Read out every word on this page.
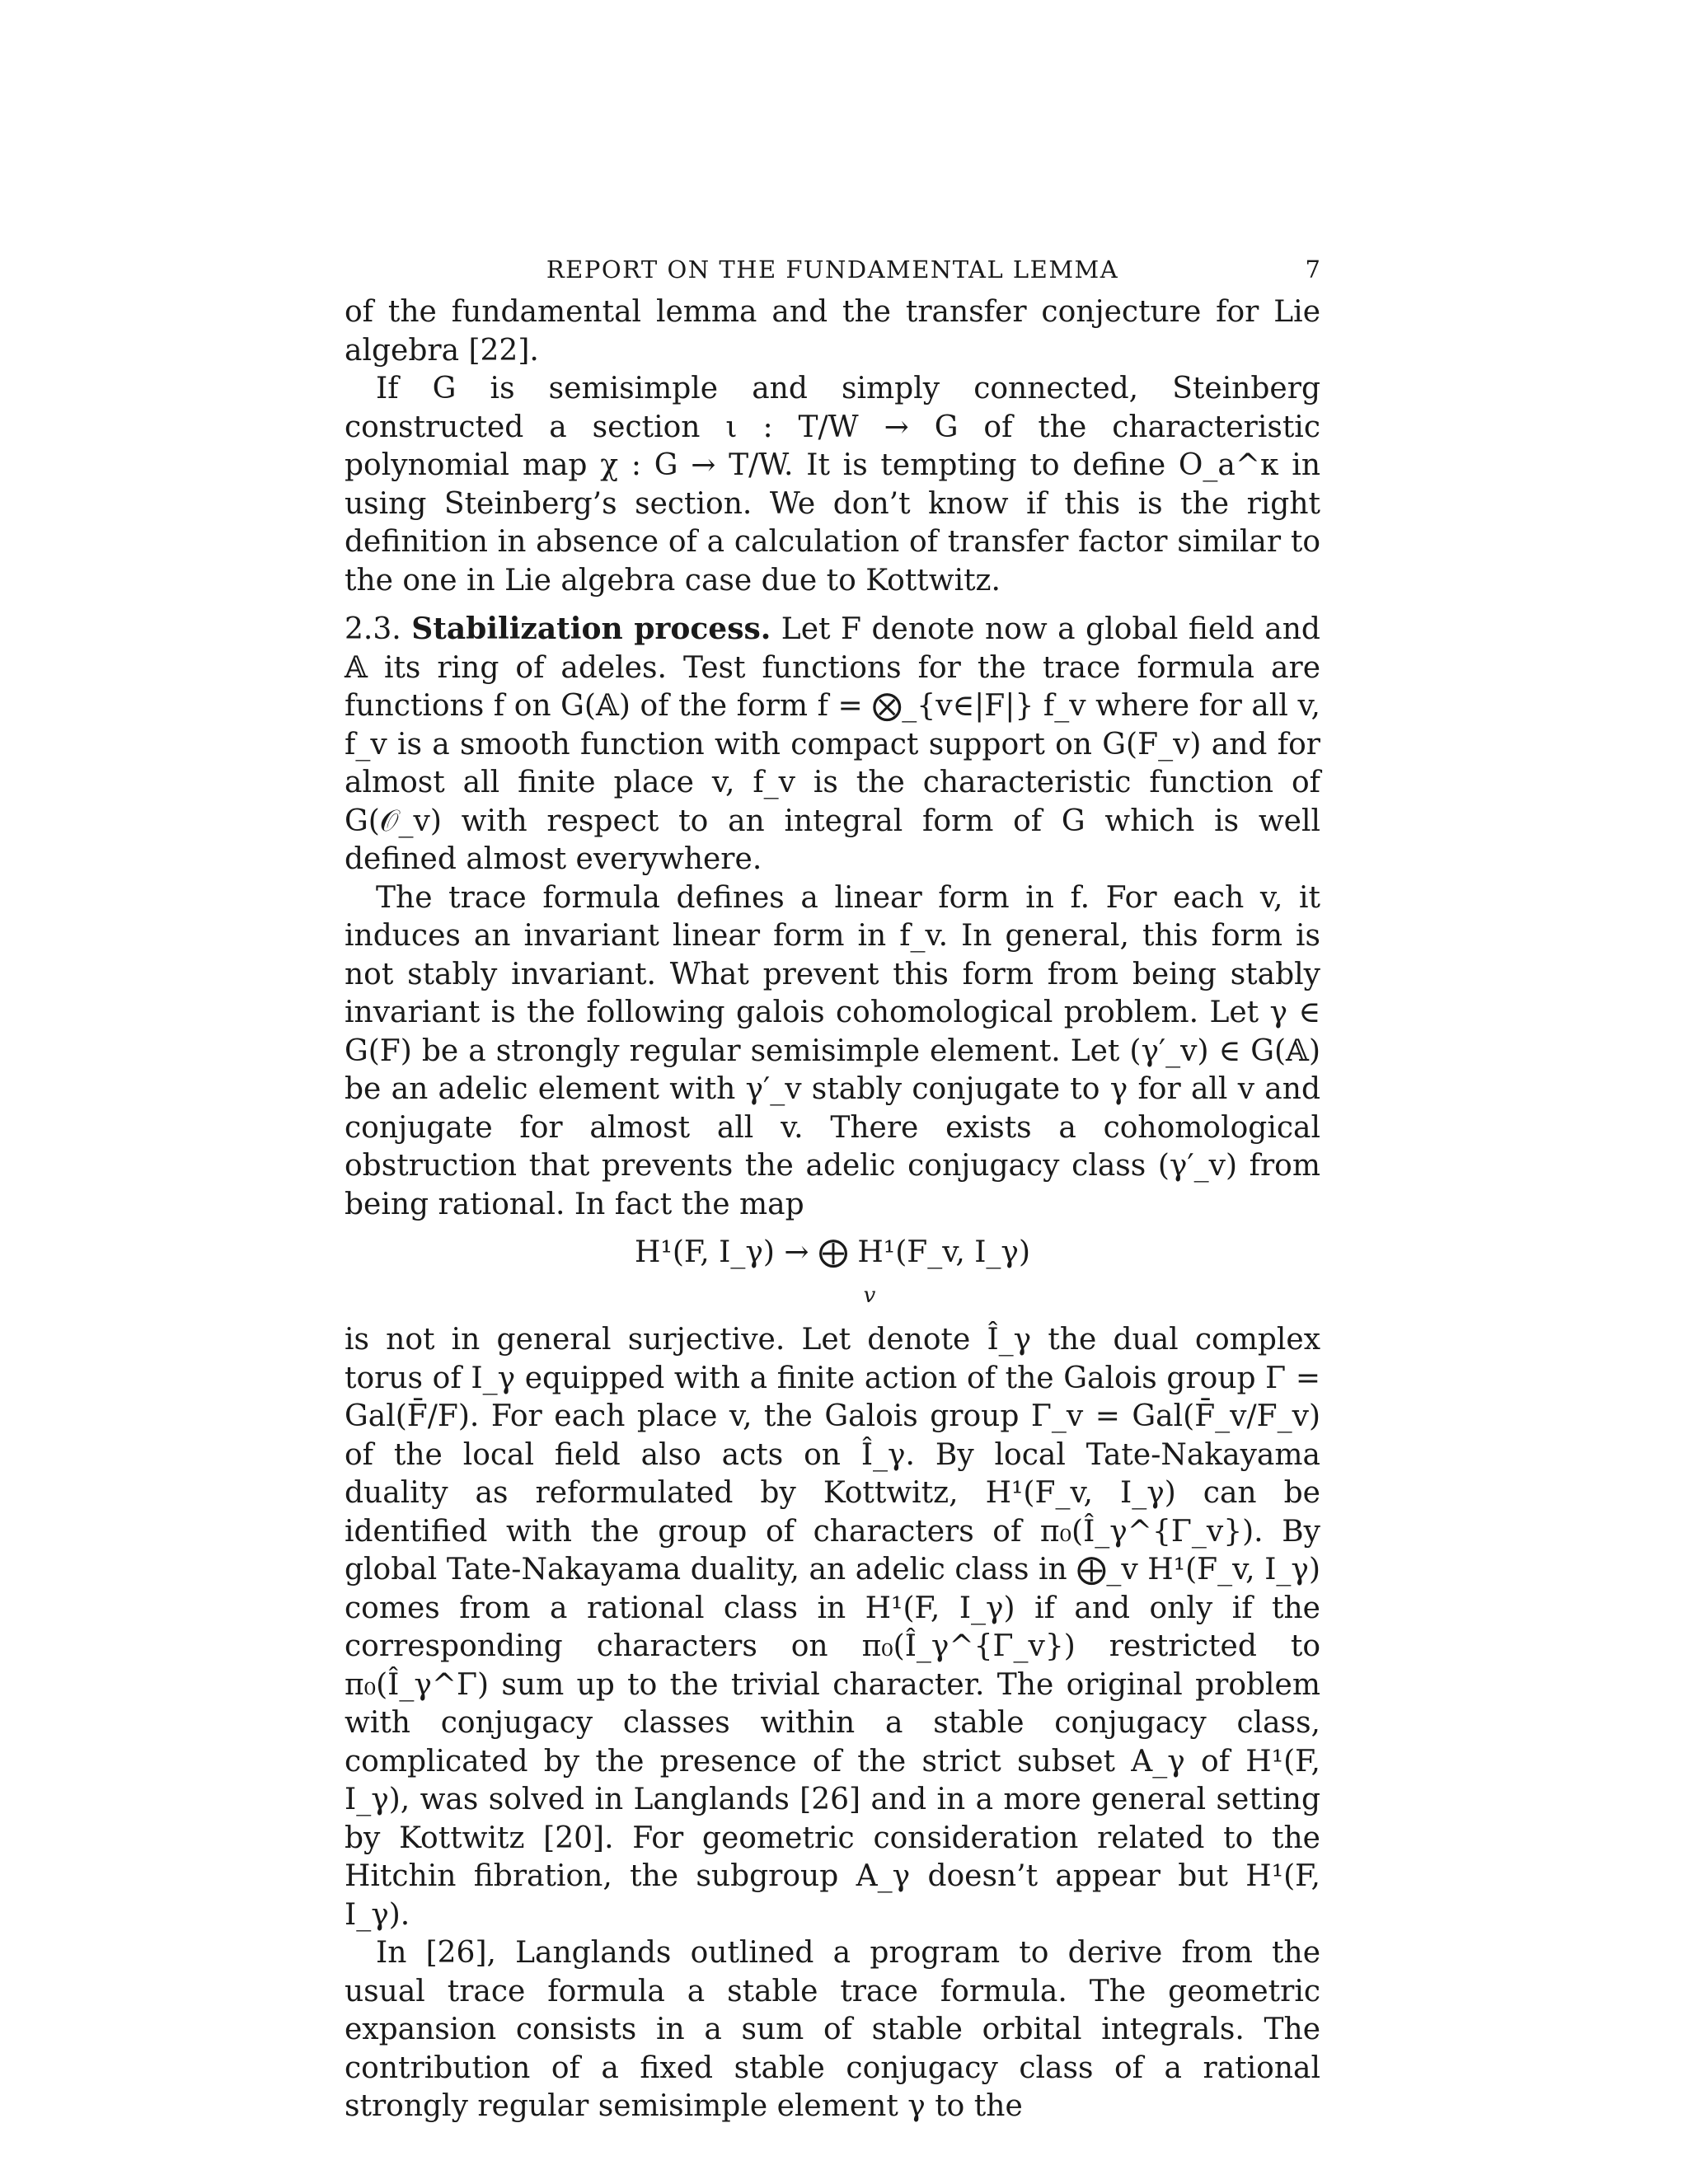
REPORT ON THE FUNDAMENTAL LEMMA	7

of the fundamental lemma and the transfer conjecture for Lie algebra [22].

If G is semisimple and simply connected, Steinberg constructed a section ι : T/W → G of the characteristic polynomial map χ : G → T/W. It is tempting to define O_a^κ in using Steinberg’s section. We don’t know if this is the right definition in absence of a calculation of transfer factor similar to the one in Lie algebra case due to Kottwitz.

2.3. Stabilization process. Let F denote now a global field and 𝔸 its ring of adeles. Test functions for the trace formula are functions f on G(𝔸) of the form f = ⨂_{v∈|F|} f_v where for all v, f_v is a smooth function with compact support on G(F_v) and for almost all finite place v, f_v is the characteristic function of G(𝒪_v) with respect to an integral form of G which is well defined almost everywhere.

The trace formula defines a linear form in f. For each v, it induces an invariant linear form in f_v. In general, this form is not stably invariant. What prevent this form from being stably invariant is the following galois cohomological problem. Let γ ∈ G(F) be a strongly regular semisimple element. Let (γ′_v) ∈ G(𝔸) be an adelic element with γ′_v stably conjugate to γ for all v and conjugate for almost all v. There exists a cohomological obstruction that prevents the adelic conjugacy class (γ′_v) from being rational. In fact the map

H¹(F, I_γ) → ⨁ H¹(F_v, I_γ)
v

is not in general surjective. Let denote Î_γ the dual complex torus of I_γ equipped with a finite action of the Galois group Γ = Gal(F̄/F). For each place v, the Galois group Γ_v = Gal(F̄_v/F_v) of the local field also acts on Î_γ. By local Tate-Nakayama duality as reformulated by Kottwitz, H¹(F_v, I_γ) can be identified with the group of characters of π₀(Î_γ^{Γ_v}). By global Tate-Nakayama duality, an adelic class in ⨁_v H¹(F_v, I_γ) comes from a rational class in H¹(F, I_γ) if and only if the corresponding characters on π₀(Î_γ^{Γ_v}) restricted to π₀(Î_γ^Γ) sum up to the trivial character. The original problem with conjugacy classes within a stable conjugacy class, complicated by the presence of the strict subset A_γ of H¹(F, I_γ), was solved in Langlands [26] and in a more general setting by Kottwitz [20]. For geometric consideration related to the Hitchin fibration, the subgroup A_γ doesn’t appear but H¹(F, I_γ).

In [26], Langlands outlined a program to derive from the usual trace formula a stable trace formula. The geometric expansion consists in a sum of stable orbital integrals. The contribution of a fixed stable conjugacy class of a rational strongly regular semisimple element γ to the
